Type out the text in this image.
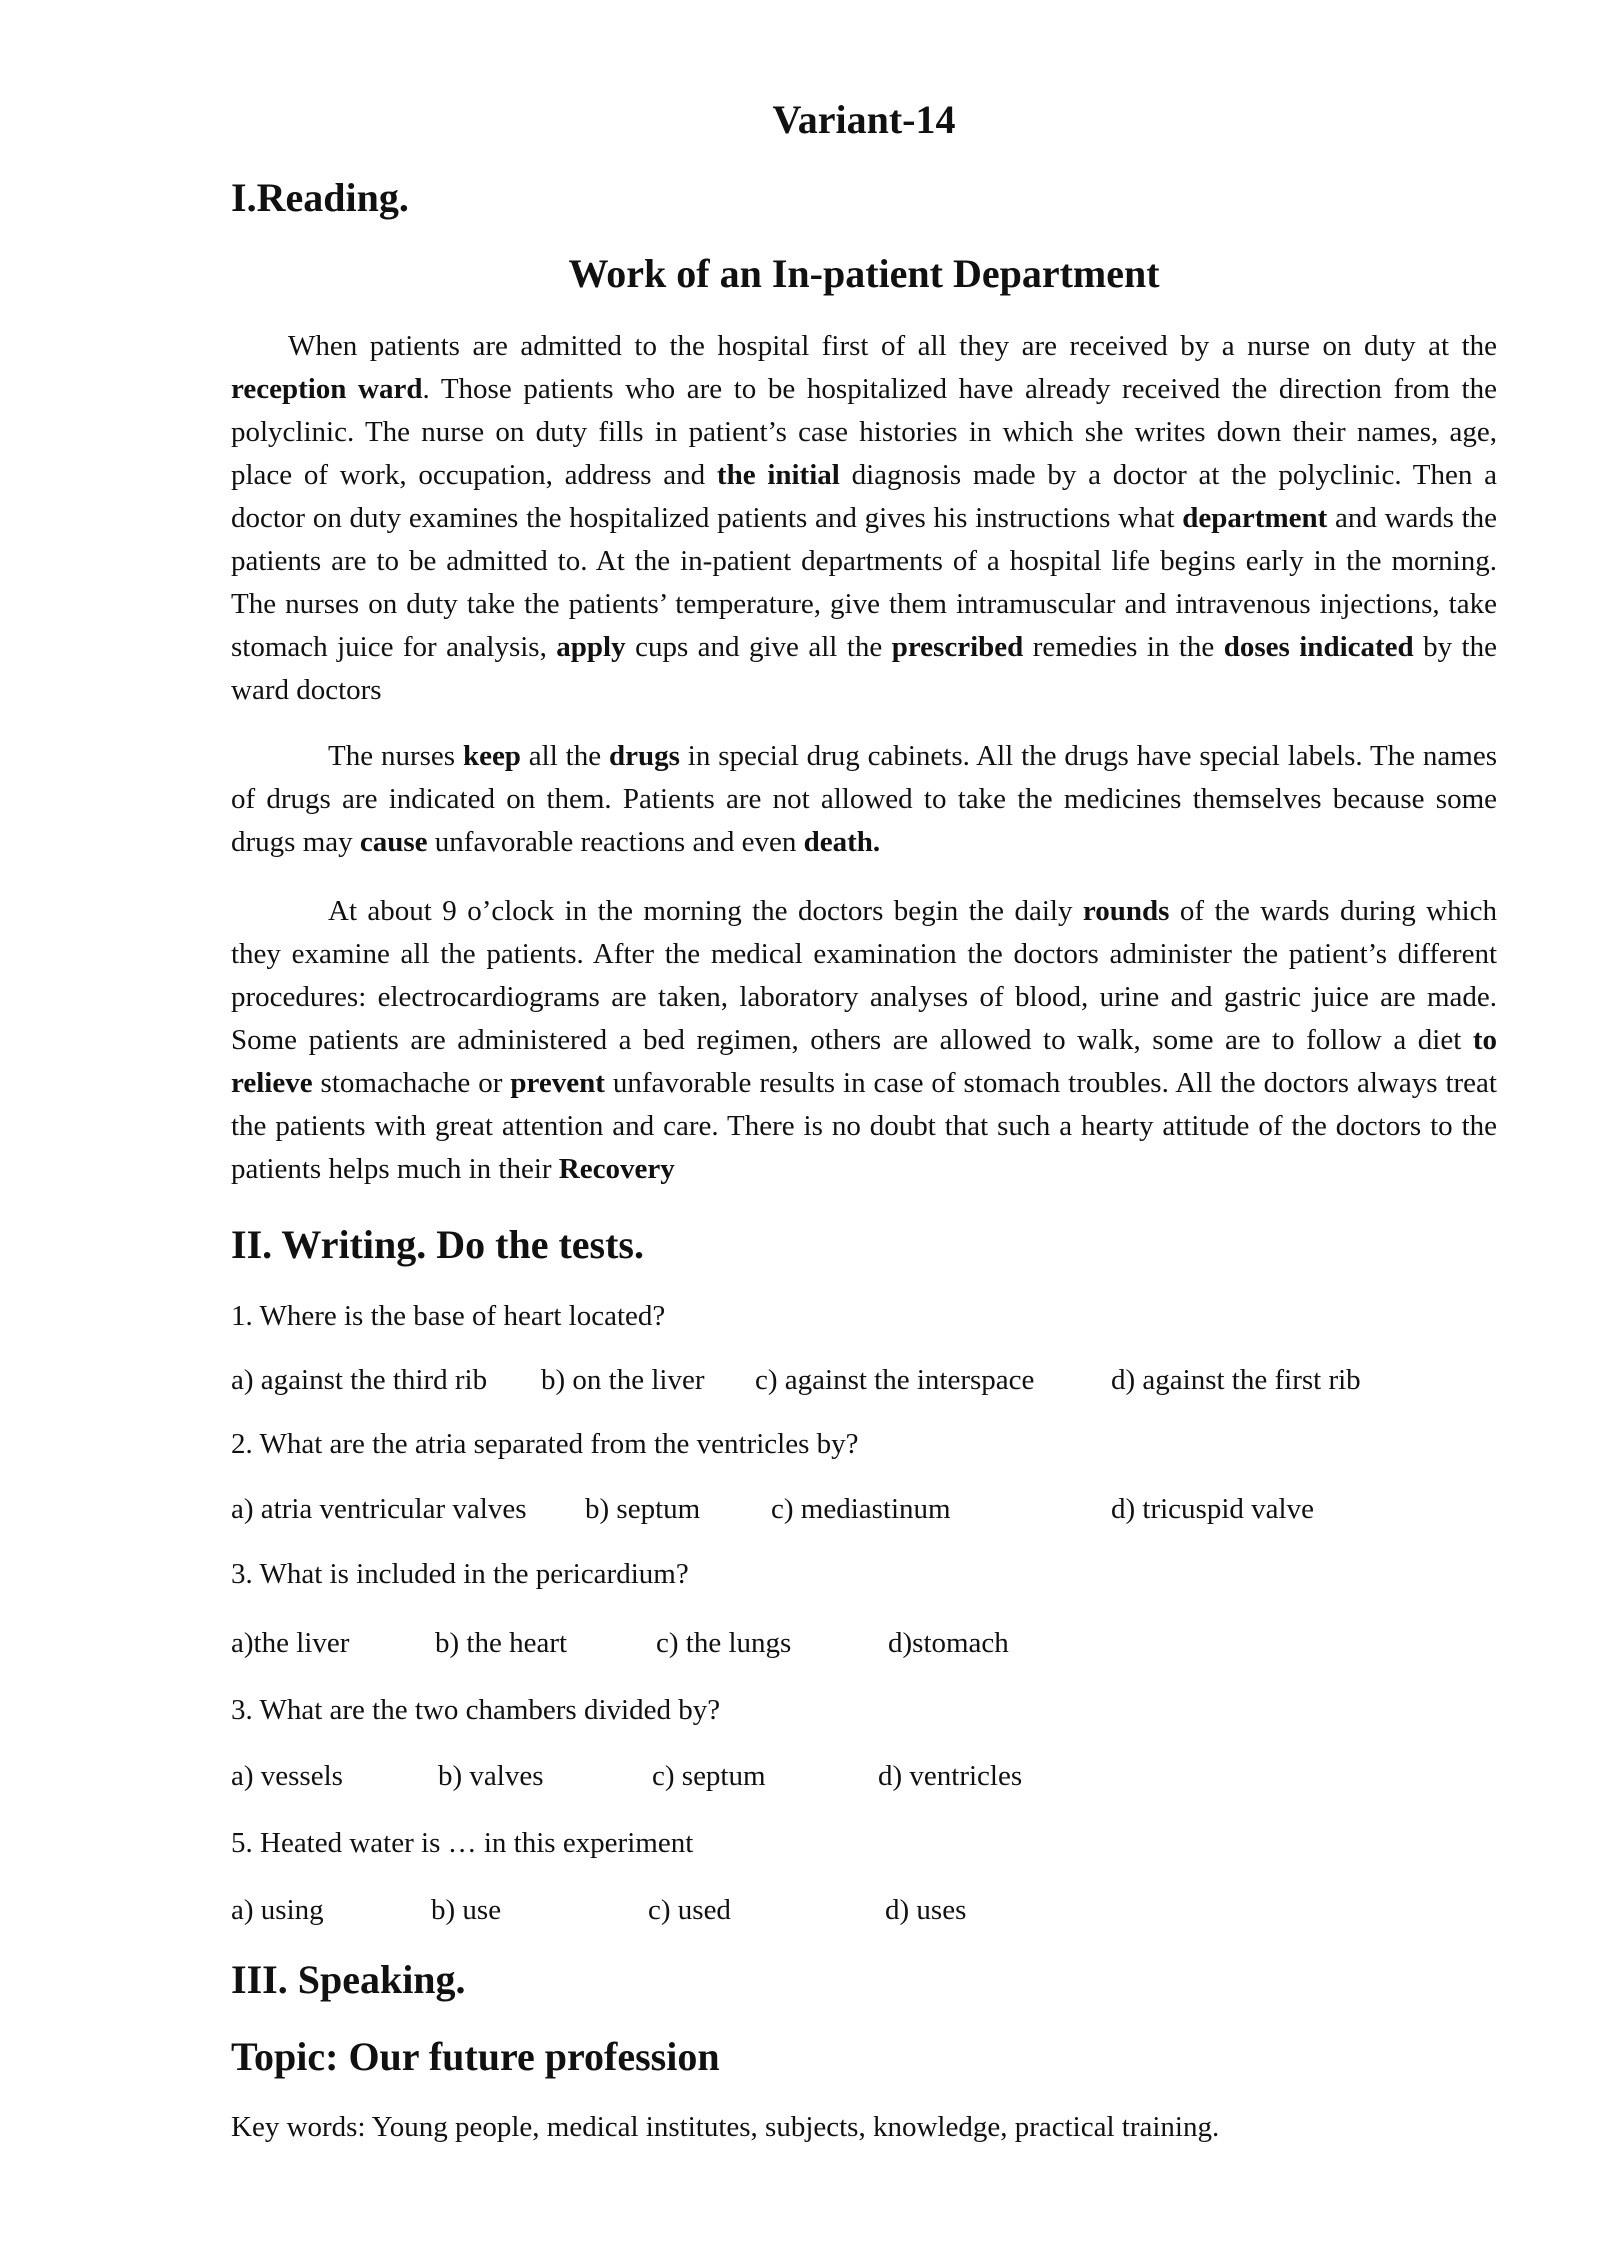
Variant-14
I.Reading.
Work of an In-patient Department
When patients are admitted to the hospital first of all they are received by a nurse on duty at the reception ward. Those patients who are to be hospitalized have already received the direction from the polyclinic. The nurse on duty fills in patient’s case histories in which she writes down their names, age, place of work, occupation, address and the initial diagnosis made by a doctor at the polyclinic. Then a doctor on duty examines the hospitalized patients and gives his instructions what department and wards the patients are to be admitted to. At the in-patient departments of a hospital life begins early in the morning. The nurses on duty take the patients’ temperature, give them intramuscular and intravenous injections, take stomach juice for analysis, apply cups and give all the prescribed remedies in the doses indicated by the ward doctors
The nurses keep all the drugs in special drug cabinets. All the drugs have special labels. The names of drugs are indicated on them. Patients are not allowed to take the medicines themselves because some drugs may cause unfavorable reactions and even death.
At about 9 o’clock in the morning the doctors begin the daily rounds of the wards during which they examine all the patients. After the medical examination the doctors administer the patient’s different procedures: electrocardiograms are taken, laboratory analyses of blood, urine and gastric juice are made. Some patients are administered a bed regimen, others are allowed to walk, some are to follow a diet to relieve stomachache or prevent unfavorable results in case of stomach troubles. All the doctors always treat the patients with great attention and care. There is no doubt that such a hearty attitude of the doctors to the patients helps much in their Recovery
II. Writing. Do the tests.
1. Where is the base of heart located?
a) against the third rib b) on the liver c) against the interspace	d) against the first rib
2. What are the atria separated from the ventricles by?
a) atria ventricular valves b) septum c) mediastinum	d) tricuspid valve
3. What is included in the pericardium?
a)the liver	b) the heart	c) the lungs	d)stomach
3. What are the two chambers divided by?
a) vessels	b) valves	c) septum	d) ventricles
5. Heated water is … in this experiment
a) using	b) use	c) used	d) uses
III. Speaking.
Topic: Our future profession
Key words: Young people, medical institutes, subjects, knowledge, practical training.
